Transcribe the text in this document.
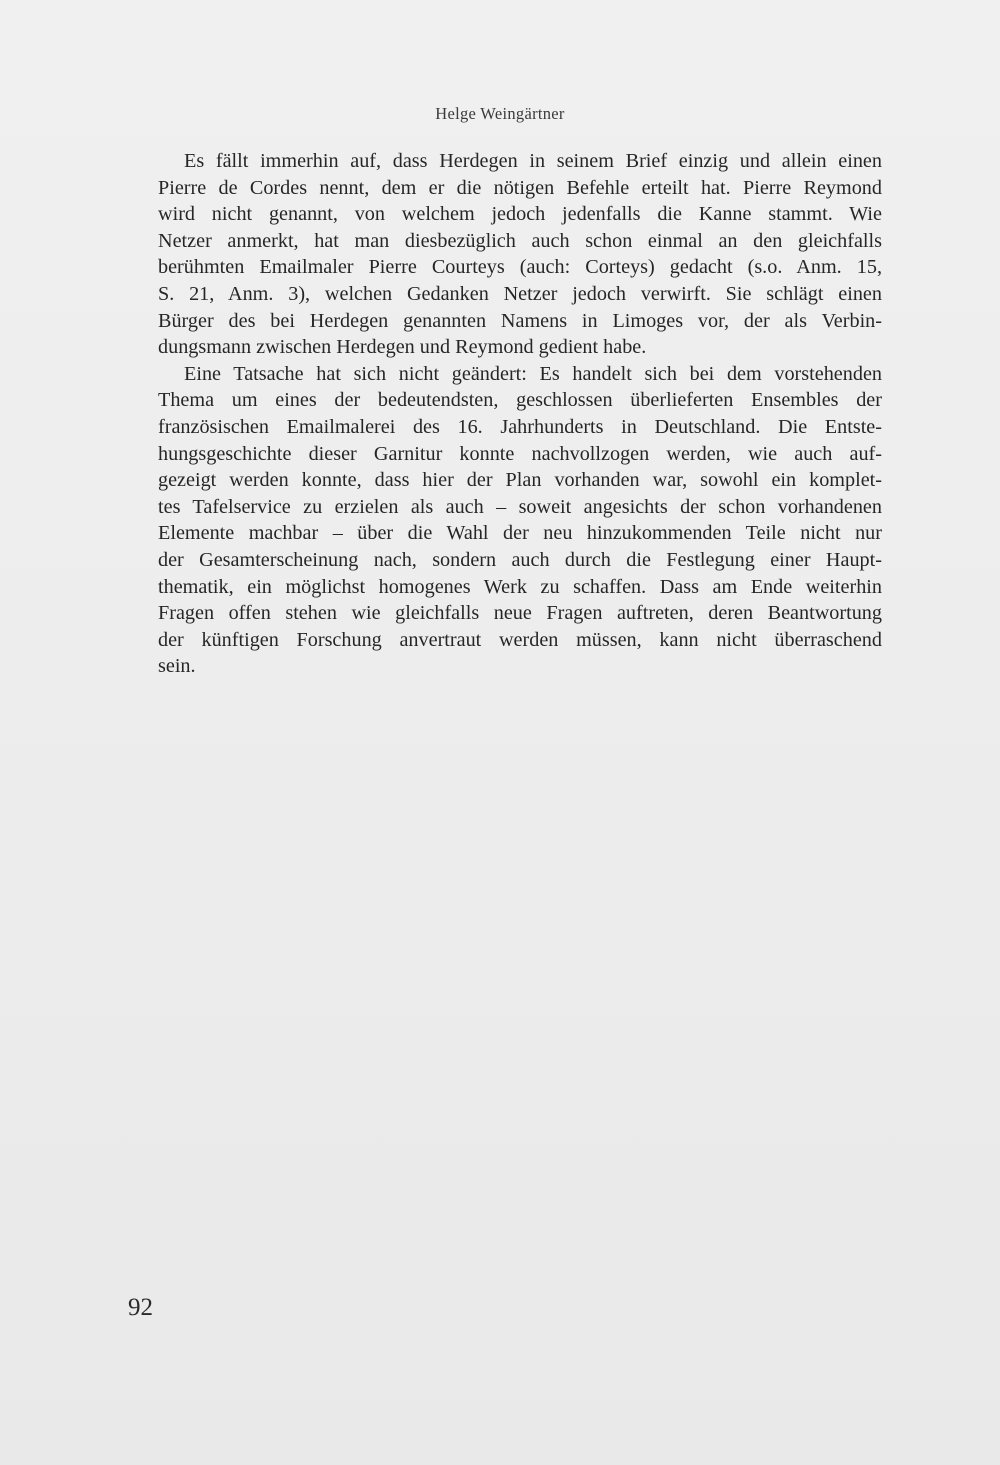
Helge Weingärtner

Es fällt immerhin auf, dass Herdegen in seinem Brief einzig und allein einen
Pierre de Cordes nennt, dem er die nötigen Befehle erteilt hat. Pierre Reymond
wird nicht genannt, von welchem jedoch jedenfalls die Kanne stammt. Wie
Netzer anmerkt, hat man diesbezüglich auch schon einmal an den gleichfalls
berühmten Emailmaler Pierre Courteys (auch: Corteys) gedacht (s.o. Anm. 15,
S. 21, Anm. 3), welchen Gedanken Netzer jedoch verwirft. Sie schlägt einen
Bürger des bei Herdegen genannten Namens in Limoges vor, der als Verbin-
dungsmann zwischen Herdegen und Reymond gedient habe.

Eine Tatsache hat sich nicht geändert: Es handelt sich bei dem vorstehenden
Thema um eines der bedeutendsten, geschlossen überlieferten Ensembles der
französischen Emailmalerei des 16. Jahrhunderts in Deutschland. Die Entste-
hungsgeschichte dieser Garnitur konnte nachvollzogen werden, wie auch auf-
gezeigt werden konnte, dass hier der Plan vorhanden war, sowohl ein komplet-
tes Tafelservice zu erzielen als auch – soweit angesichts der schon vorhandenen
Elemente machbar – über die Wahl der neu hinzukommenden Teile nicht nur
der Gesamterscheinung nach, sondern auch durch die Festlegung einer Haupt-
thematik, ein möglichst homogenes Werk zu schaffen. Dass am Ende weiterhin
Fragen offen stehen wie gleichfalls neue Fragen auftreten, deren Beantwortung
der künftigen Forschung anvertraut werden müssen, kann nicht überraschend
sein.

92
